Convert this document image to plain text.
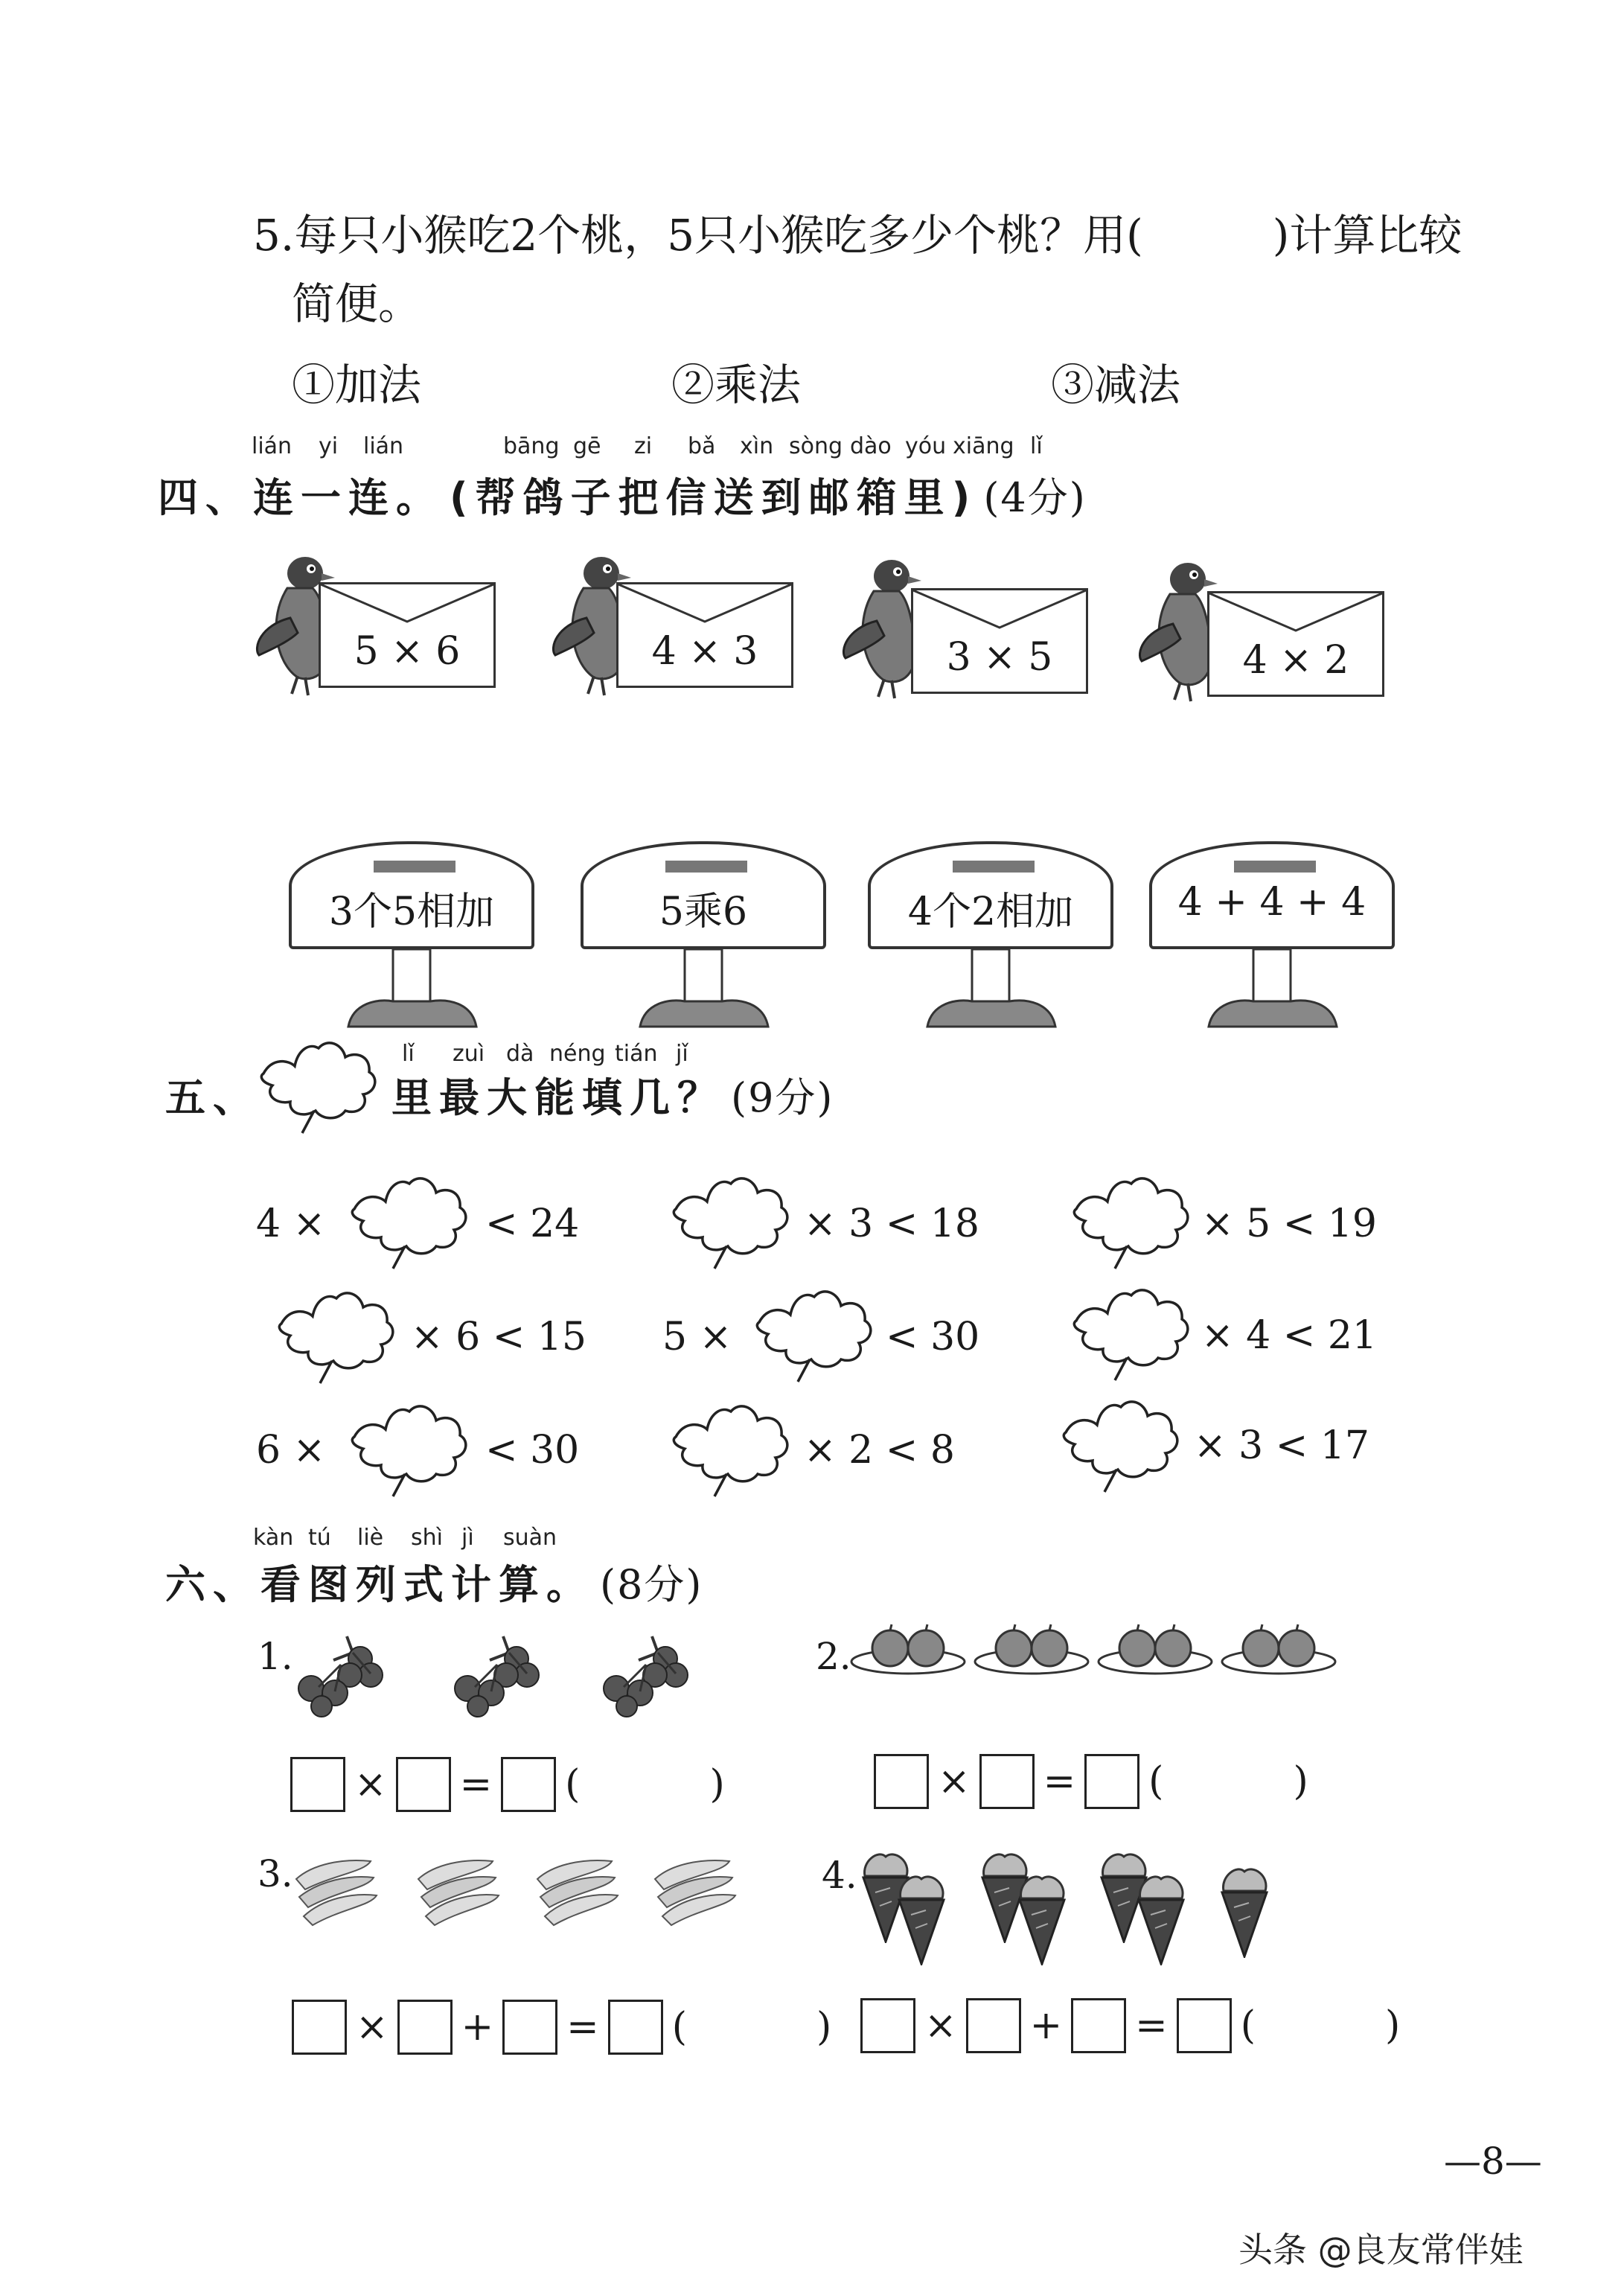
5.每只小猴吃2个桃，5只小猴吃多少个桃？用(　　　)计算比较
简便。
①加法	②乘法	③减法
lián yi lián	bāng gē zi bǎ xìn sòng dào yóu xiāng lǐ
四、连一连。 (帮鸽子把信送到邮箱里) (4分)
5 × 6	4 × 3	3 × 5	4 × 2
3个5相加	5乘6	4个2相加	4 + 4 + 4
lǐ zuì dà néng tián jǐ
五、	里最大能填几？ (9分)
4 ×	< 24	× 3 < 18	× 5 < 19
× 6 < 15 5 ×	< 30	× 4 < 21
6 ×	< 30	× 2 < 8	× 3 < 17
kàn tú liè shì jì suàn
六、看图列式计算。 (8分)
1.
× = (	)
2.
× = (	)
3.
× + = (	)
4.
× + = (	)
—8—
头条 @良友常伴娃
